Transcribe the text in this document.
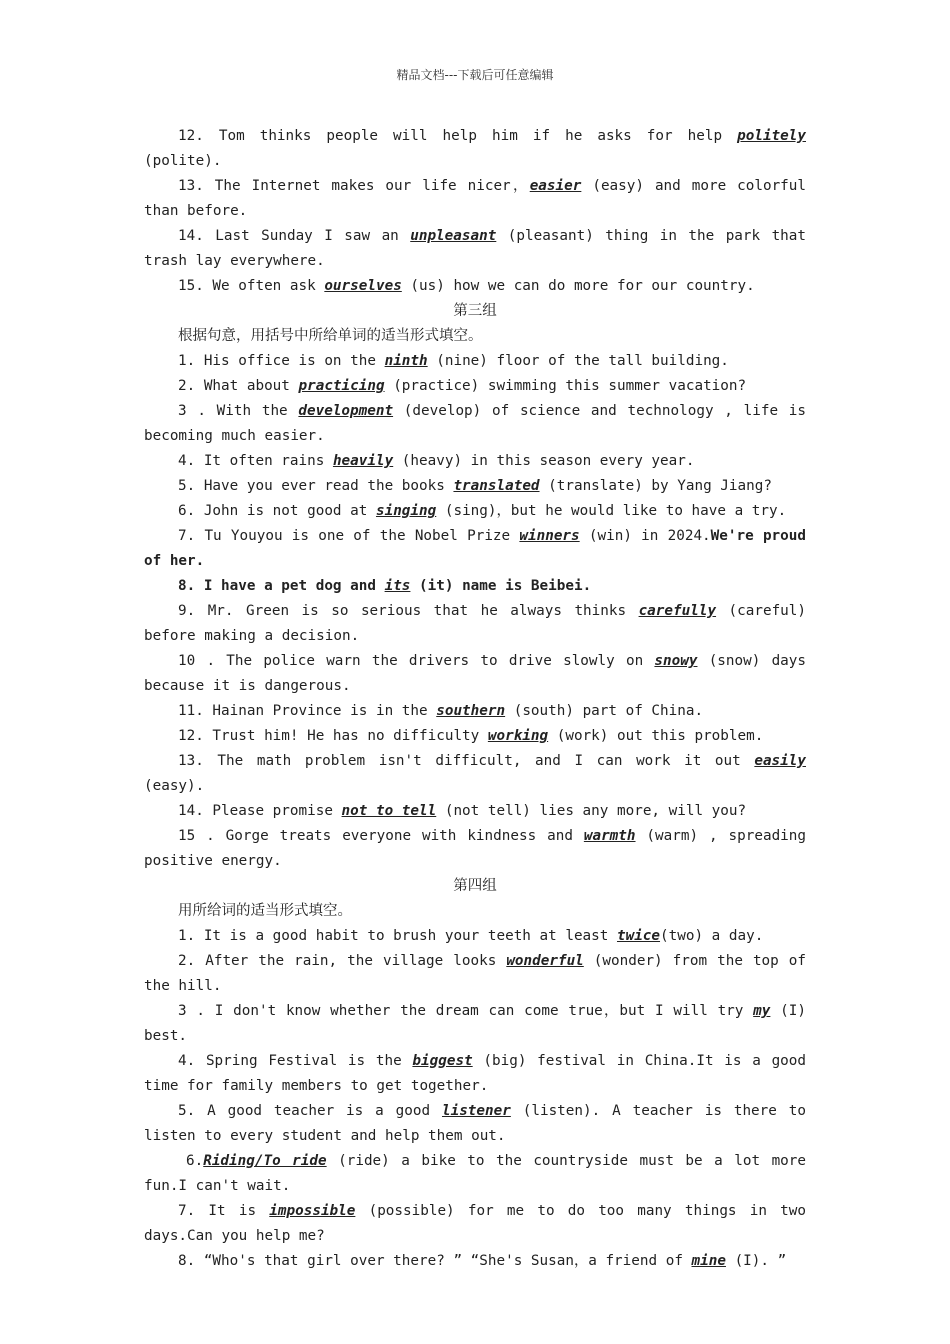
精品文档---下载后可任意编辑

12. Tom thinks people will help him if he asks for help politely (polite).

13. The Internet makes our life nicer，easier (easy) and more colorful than before.

14. Last Sunday I saw an unpleasant (pleasant) thing in the park that trash lay everywhere.

15. We often ask ourselves (us) how we can do more for our country.

第三组

根据句意，用括号中所给单词的适当形式填空。

1. His office is on the ninth (nine) floor of the tall building.

2. What about practicing (practice) swimming this summer vacation?

3 . With the development (develop) of science and technology , life is becoming much easier.

4. It often rains heavily (heavy) in this season every year.

5. Have you ever read the books translated (translate) by Yang Jiang?

6. John is not good at singing (sing)，but he would like to have a try.

7. Tu Youyou is one of the Nobel Prize winners (win) in 2024.We're proud of her.

8. I have a pet dog and its (it) name is Beibei.

9. Mr. Green is so serious that he always thinks carefully (careful) before making a decision.

10 . The police warn the drivers to drive slowly on snowy (snow) days because it is dangerous.

11. Hainan Province is in the southern (south) part of China.

12. Trust him! He has no difficulty working (work) out this problem.

13. The math problem isn't difficult, and I can work it out easily (easy).

14. Please promise not to tell (not tell) lies any more, will you?

15 . Gorge treats everyone with kindness and warmth (warm) , spreading positive energy.

第四组

用所给词的适当形式填空。

1. It is a good habit to brush your teeth at least twice(two) a day.

2. After the rain, the village looks wonderful (wonder) from the top of the hill.

3 . I don't know whether the dream can come true，but I will try my (I) best.

4. Spring Festival is the biggest (big) festival in China.It is a good time for family members to get together.

5. A good teacher is a good listener (listen). A teacher is there to listen to every student and help them out.

6.Riding/To ride (ride) a bike to the countryside must be a lot more fun.I can't wait.

7. It is impossible (possible) for me to do too many things in two days.Can you help me?

8. “Who's that girl over there? ” “She's Susan，a friend of mine (I). ”
